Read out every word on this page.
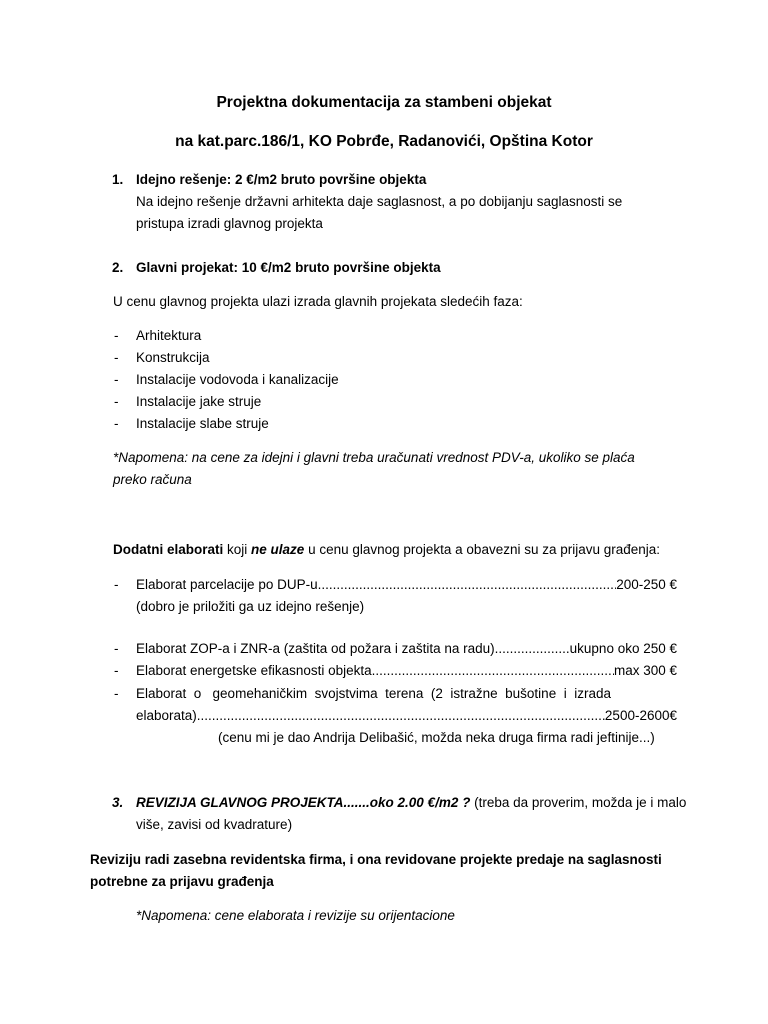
Projektna dokumentacija za stambeni objekat
na kat.parc.186/1, KO Pobrđe, Radanovići, Opština Kotor
1. Idejno rešenje: 2 €/m2 bruto površine objekta
Na idejno rešenje državni arhitekta daje saglasnost, a po dobijanju saglasnosti se
pristupa izradi glavnog projekta
2. Glavni projekat: 10 €/m2 bruto površine objekta
U cenu glavnog projekta ulazi izrada glavnih projekata sledećih faza:
- Arhitektura
- Konstrukcija
- Instalacije vodovoda i kanalizacije
- Instalacije jake struje
- Instalacije slabe struje
*Napomena: na cene za idejni i glavni treba uračunati vrednost PDV-a, ukoliko se plaća
preko računa
Dodatni elaborati koji ne ulaze u cenu glavnog projekta a obavezni su za prijavu građenja:
- Elaborat parcelacije po DUP-u .....	200-250 €
(dobro je priložiti ga uz idejno rešenje)
- Elaborat ZOP-a i ZNR-a (zaštita od požara i zaštita na radu) .....	ukupno oko 250 €
- Elaborat energetske efikasnosti objekta .....	max 300 €
- Elaborat  o   geomehaničkim  svojstvima  terena  (2  istražne  bušotine  i  izrada
elaborata) .....	2500-2600€
(cenu mi je dao Andrija Delibašić, možda neka druga firma radi jeftinije...)
3. REVIZIJA GLAVNOG PROJEKTA.......oko 2.00 €/m2 ? (treba da proverim, možda je i malo
više, zavisi od kvadrature)
Reviziju radi zasebna revidentska firma, i ona revidovane projekte predaje na saglasnosti
potrebne za prijavu građenja
*Napomena: cene elaborata i revizije su orijentacione
